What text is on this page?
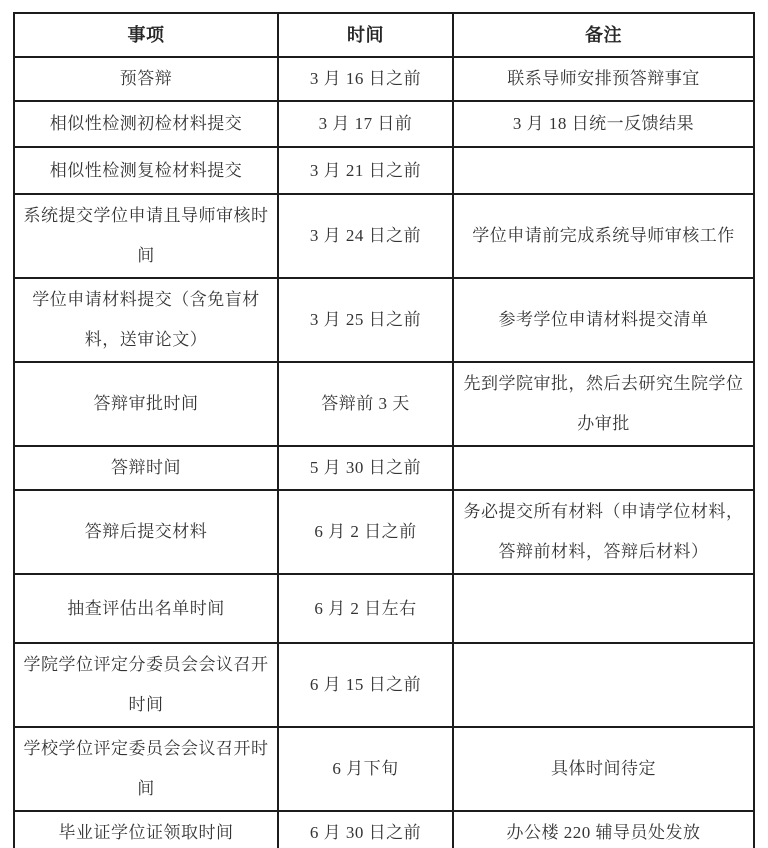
事项	时间	备注
预答辩	3 月 16 日之前	联系导师安排预答辩事宜
相似性检测初检材料提交	3 月 17 日前	3 月 18 日统一反馈结果
相似性检测复检材料提交	3 月 21 日之前	
系统提交学位申请且导师审核时间	3 月 24 日之前	学位申请前完成系统导师审核工作
学位申请材料提交（含免盲材料，送审论文）	3 月 25 日之前	参考学位申请材料提交清单
答辩审批时间	答辩前 3 天	先到学院审批，然后去研究生院学位办审批
答辩时间	5 月 30 日之前	
答辩后提交材料	6 月 2 日之前	务必提交所有材料（申请学位材料，答辩前材料，答辩后材料）
抽查评估出名单时间	6 月 2 日左右	
学院学位评定分委员会会议召开时间	6 月 15 日之前	
学校学位评定委员会会议召开时间	6 月下旬	具体时间待定
毕业证学位证领取时间	6 月 30 日之前	办公楼 220 辅导员处发放
